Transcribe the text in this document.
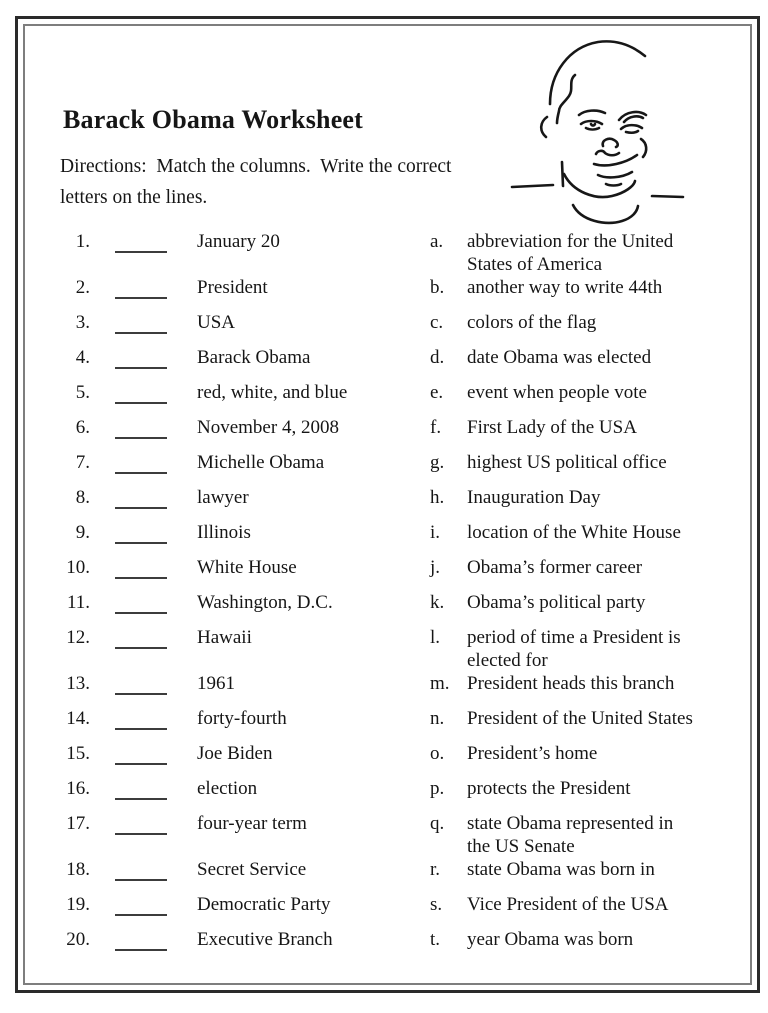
Barack Obama Worksheet
Directions:  Match the columns.  Write the correct
letters on the lines.
1.	January 20	a.	abbreviation for the United
States of America
2.	President	b.	another way to write 44th
3.	USA	c.	colors of the flag
4.	Barack Obama	d.	date Obama was elected
5.	red, white, and blue	e.	event when people vote
6.	November 4, 2008	f.	First Lady of the USA
7.	Michelle Obama	g.	highest US political office
8.	lawyer	h.	Inauguration Day
9.	Illinois	i.	location of the White House
10.	White House	j.	Obama’s former career
11.	Washington, D.C.	k.	Obama’s political party
12.	Hawaii	l.	period of time a President is
elected for
13.	1961	m. President heads this branch
14.	forty-fourth	n.	President of the United States
15.	Joe Biden	o.	President’s home
16.	election	p.	protects the President
17.	four-year term	q.	state Obama represented in
the US Senate
18.	Secret Service	r.	state Obama was born in
19.	Democratic Party	s.	Vice President of the USA
20.	Executive Branch	t.	year Obama was born
